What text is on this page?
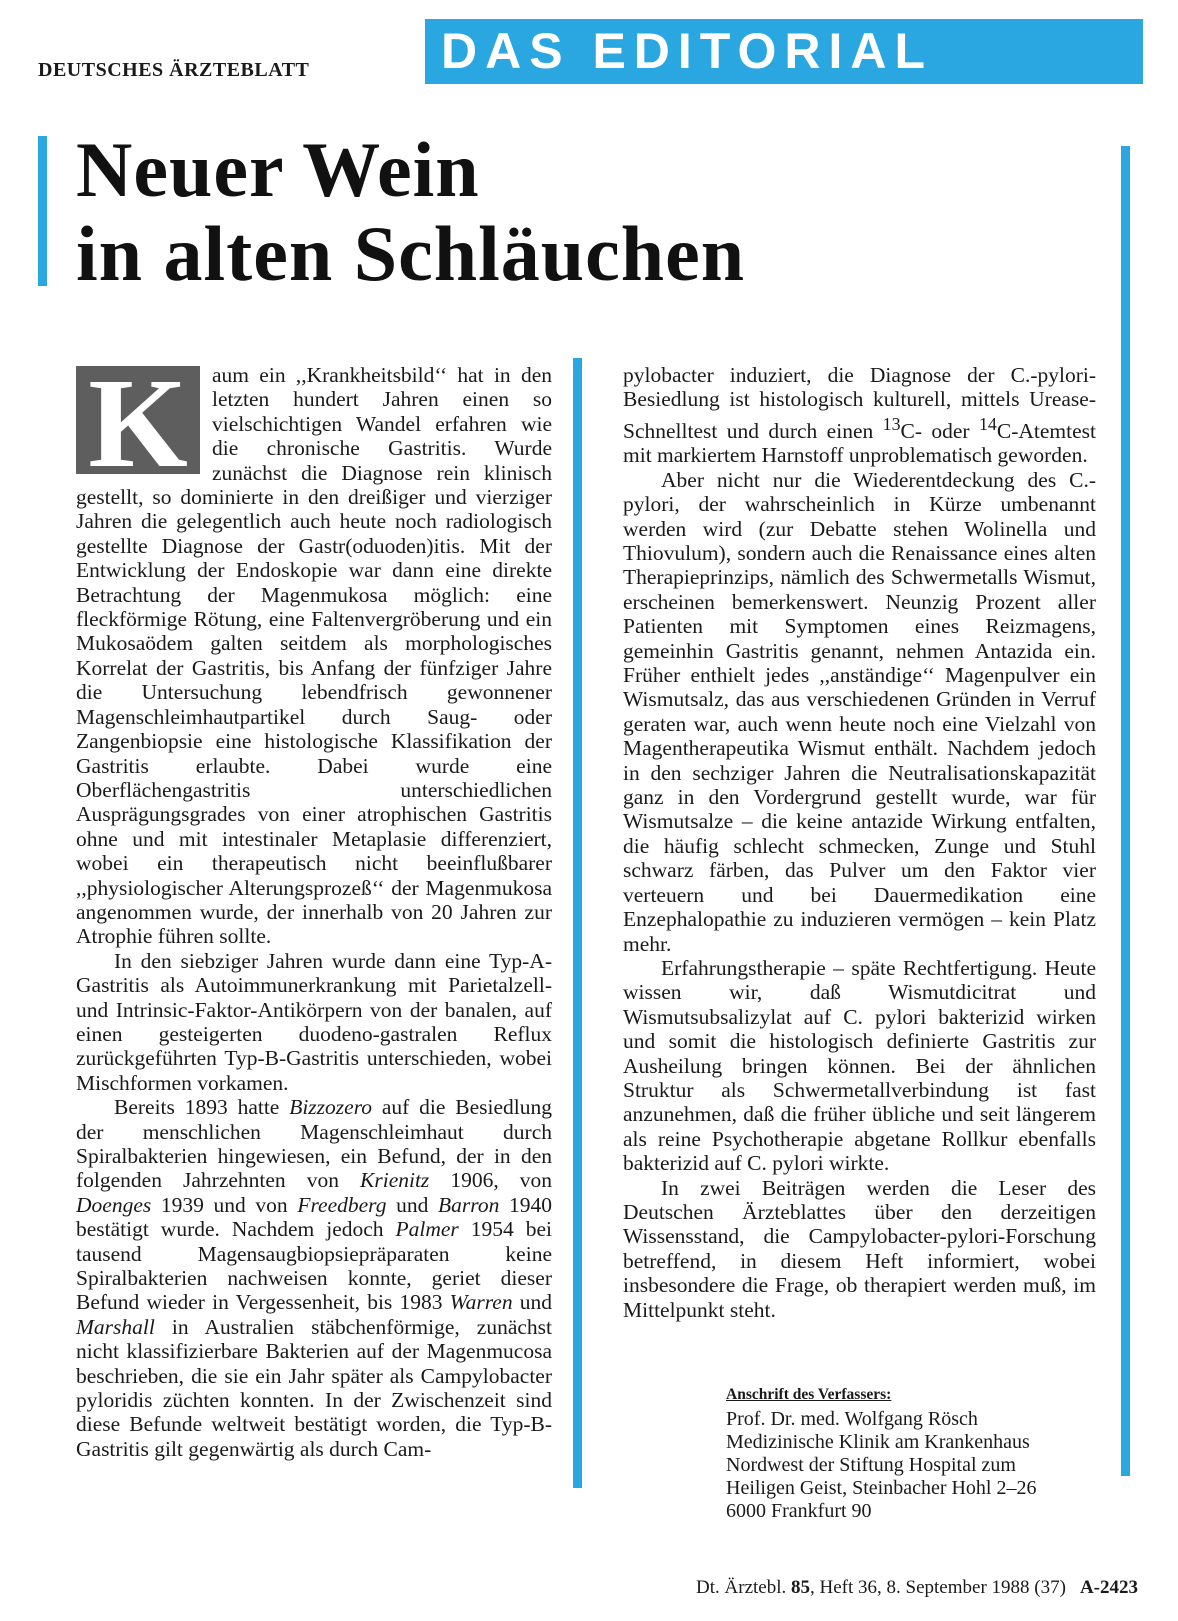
DEUTSCHES ÄRZTEBLATT	DAS EDITORIAL
Neuer Wein
in alten Schläuchen

K aum ein ,,Krankheitsbild‘‘ hat in den letzten hundert Jahren einen so vielschichtigen Wandel erfahren wie die chronische Gastritis. Wurde zunächst die Diagnose rein klinisch gestellt, so dominierte in den dreißiger und vierziger Jahren die gelegentlich auch heute noch radiologisch gestellte Diagnose der Gastr(oduoden)itis. Mit der Entwicklung der Endoskopie war dann eine direkte Betrachtung der Magenmukosa möglich: eine fleckförmige Rötung, eine Faltenvergröberung und ein Mukosaödem galten seitdem als morphologisches Korrelat der Gastritis, bis Anfang der fünfziger Jahre die Untersuchung lebendfrisch gewonnener Magenschleimhautpartikel durch Saug- oder Zangenbiopsie eine histologische Klassifikation der Gastritis erlaubte. Dabei wurde eine Oberflächengastritis unterschiedlichen Ausprägungsgrades von einer atrophischen Gastritis ohne und mit intestinaler Metaplasie differenziert, wobei ein therapeutisch nicht beeinflußbarer ,,physiologischer Alterungsprozeß‘‘ der Magenmukosa angenommen wurde, der innerhalb von 20 Jahren zur Atrophie führen sollte.

In den siebziger Jahren wurde dann eine Typ-A-Gastritis als Autoimmunerkrankung mit Parietalzell- und Intrinsic-Faktor-Antikörpern von der banalen, auf einen gesteigerten duodeno-gastralen Reflux zurückgeführten Typ-B-Gastritis unterschieden, wobei Mischformen vorkamen.

Bereits 1893 hatte Bizzozero auf die Besiedlung der menschlichen Magenschleimhaut durch Spiralbakterien hingewiesen, ein Befund, der in den folgenden Jahrzehnten von Krienitz 1906, von Doenges 1939 und von Freedberg und Barron 1940 bestätigt wurde. Nachdem jedoch Palmer 1954 bei tausend Magensaugbiopsiepräparaten keine Spiralbakterien nachweisen konnte, geriet dieser Befund wieder in Vergessenheit, bis 1983 Warren und Marshall in Australien stäbchenförmige, zunächst nicht klassifizierbare Bakterien auf der Magenmucosa beschrieben, die sie ein Jahr später als Campylobacter pyloridis züchten konnten. In der Zwischenzeit sind diese Befunde weltweit bestätigt worden, die Typ-B-Gastritis gilt gegenwärtig als durch Cam-

pylobacter induziert, die Diagnose der C.-pylori-Besiedlung ist histologisch kulturell, mittels Urease-Schnelltest und durch einen $^{13}$C- oder $^{14}$C-Atemtest mit markiertem Harnstoff unproblematisch geworden.

Aber nicht nur die Wiederentdeckung des C.-pylori, der wahrscheinlich in Kürze umbenannt werden wird (zur Debatte stehen Wolinella und Thiovulum), sondern auch die Renaissance eines alten Therapieprinzips, nämlich des Schwermetalls Wismut, erscheinen bemerkenswert. Neunzig Prozent aller Patienten mit Symptomen eines Reizmagens, gemeinhin Gastritis genannt, nehmen Antazida ein. Früher enthielt jedes ,,anständige‘‘ Magenpulver ein Wismutsalz, das aus verschiedenen Gründen in Verruf geraten war, auch wenn heute noch eine Vielzahl von Magentherapeutika Wismut enthält. Nachdem jedoch in den sechziger Jahren die Neutralisationskapazität ganz in den Vordergrund gestellt wurde, war für Wismutsalze – die keine antazide Wirkung entfalten, die häufig schlecht schmecken, Zunge und Stuhl schwarz färben, das Pulver um den Faktor vier verteuern und bei Dauermedikation eine Enzephalopathie zu induzieren vermögen – kein Platz mehr.

Erfahrungstherapie – späte Rechtfertigung. Heute wissen wir, daß Wismutdicitrat und Wismutsubsalizylat auf C. pylori bakterizid wirken und somit die histologisch definierte Gastritis zur Ausheilung bringen können. Bei der ähnlichen Struktur als Schwermetallverbindung ist fast anzunehmen, daß die früher übliche und seit längerem als reine Psychotherapie abgetane Rollkur ebenfalls bakterizid auf C. pylori wirkte.

In zwei Beiträgen werden die Leser des Deutschen Ärzteblattes über den derzeitigen Wissensstand, die Campylobacter-pylori-Forschung betreffend, in diesem Heft informiert, wobei insbesondere die Frage, ob therapiert werden muß, im Mittelpunkt steht.

Anschrift des Verfassers:
Prof. Dr. med. Wolfgang Rösch
Medizinische Klinik am Krankenhaus
Nordwest der Stiftung Hospital zum
Heiligen Geist, Steinbacher Hohl 2–26
6000 Frankfurt 90
Dt. Ärztebl. 85, Heft 36, 8. September 1988 (37) A-2423
